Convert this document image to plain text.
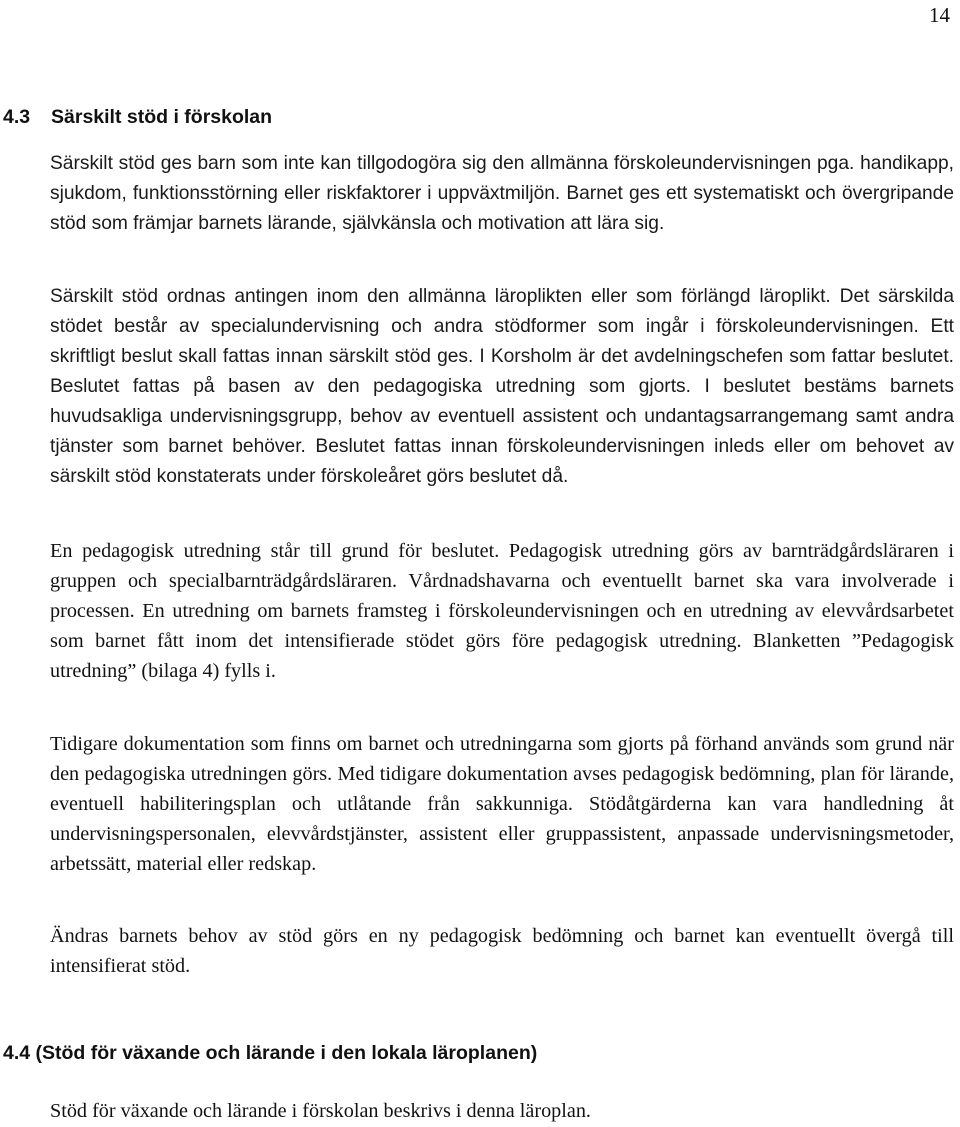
14
4.3 Särskilt stöd i förskolan

Särskilt stöd ges barn som inte kan tillgodogöra sig den allmänna förskoleundervisningen pga. handikapp, sjukdom, funktionsstörning eller riskfaktorer i uppväxtmiljön. Barnet ges ett systematiskt och övergripande stöd som främjar barnets lärande, självkänsla och motivation att lära sig.

Särskilt stöd ordnas antingen inom den allmänna läroplikten eller som förlängd läroplikt. Det särskilda stödet består av specialundervisning och andra stödformer som ingår i förskoleundervisningen. Ett skriftligt beslut skall fattas innan särskilt stöd ges. I Korsholm är det avdelningschefen som fattar beslutet. Beslutet fattas på basen av den pedagogiska utredning som gjorts. I beslutet bestäms barnets huvudsakliga undervisningsgrupp, behov av eventuell assistent och undantagsarrangemang samt andra tjänster som barnet behöver. Beslutet fattas innan förskoleundervisningen inleds eller om behovet av särskilt stöd konstaterats under förskoleåret görs beslutet då.

En pedagogisk utredning står till grund för beslutet. Pedagogisk utredning görs av barnträdgårdsläraren i gruppen och specialbarnträdgårdsläraren. Vårdnadshavarna och eventuellt barnet ska vara involverade i processen. En utredning om barnets framsteg i förskoleundervisningen och en utredning av elevvårdsarbetet som barnet fått inom det intensifierade stödet görs före pedagogisk utredning. Blanketten ”Pedagogisk utredning” (bilaga 4) fylls i.

Tidigare dokumentation som finns om barnet och utredningarna som gjorts på förhand används som grund när den pedagogiska utredningen görs. Med tidigare dokumentation avses pedagogisk bedömning, plan för lärande, eventuell habiliteringsplan och utlåtande från sakkunniga. Stödåtgärderna kan vara handledning åt undervisningspersonalen, elevvårdstjänster, assistent eller gruppassistent, anpassade undervisningsmetoder, arbetssätt, material eller redskap.

Ändras barnets behov av stöd görs en ny pedagogisk bedömning och barnet kan eventuellt övergå till intensifierat stöd.

4.4 (Stöd för växande och lärande i den lokala läroplanen)

Stöd för växande och lärande i förskolan beskrivs i denna läroplan.
